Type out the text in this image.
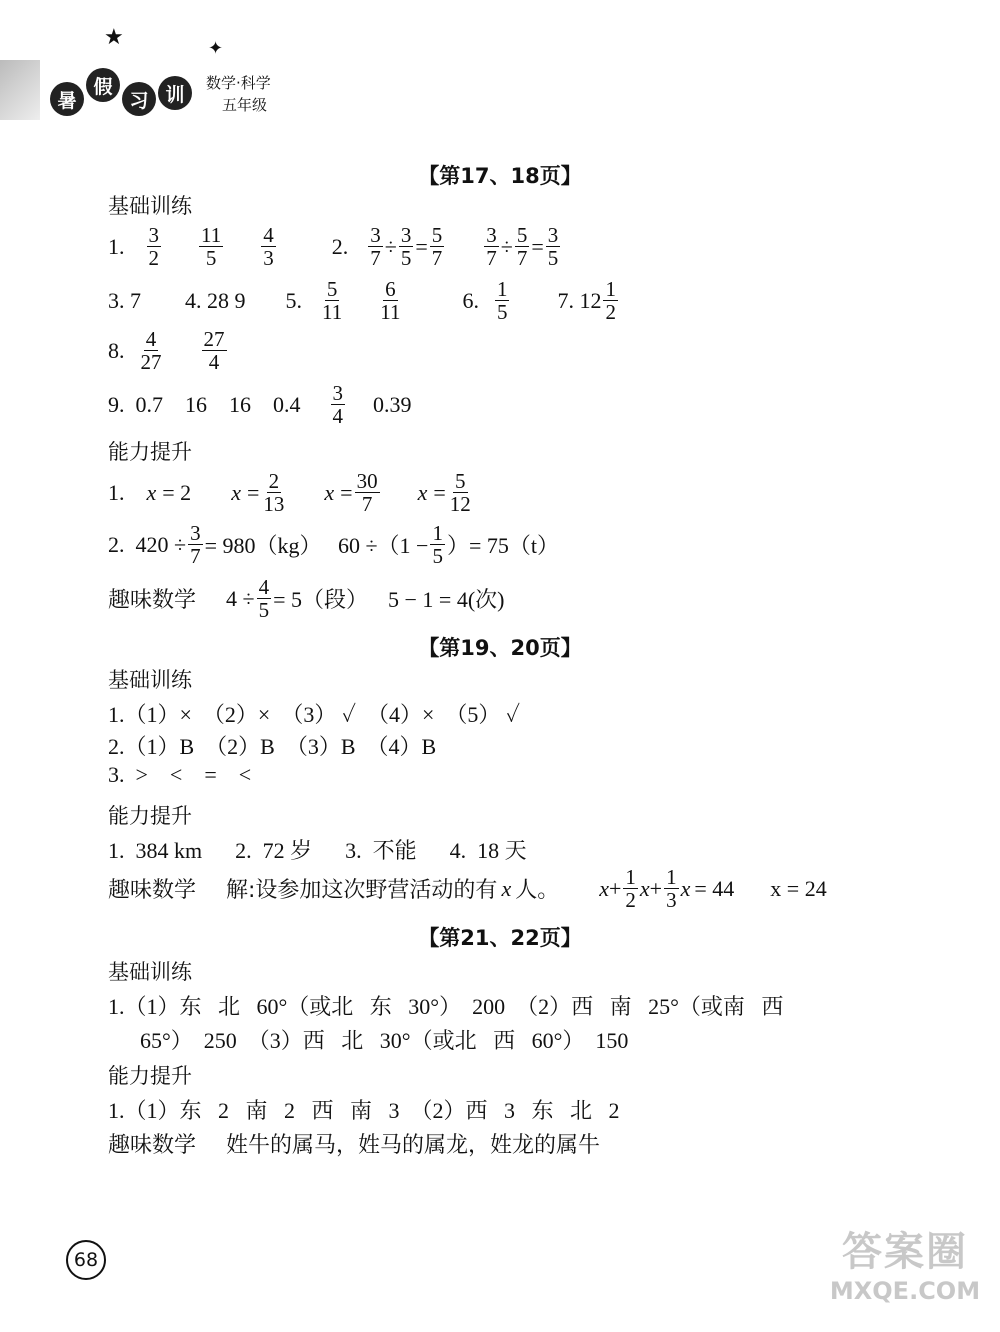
★	✦
暑
假
习 训
数学·科学
五年级
【第17、18页】
基础训练
1. $\frac{3}{2} \frac{11}{5} \frac{4}{3}$	2. $\frac{3}{7} \div \frac{3}{5} = \frac{5}{7} \frac{3}{7} \div \frac{5}{7} = \frac{3}{5}$
3. 7 4. 28 9 5. $\frac{5}{11} \frac{6}{11}$	6. $\frac{1}{5} 7$. $12 \frac{1}{2}$
8. $\frac{4}{27} \frac{27}{4}$
9.  0.7    16    16    $0.4 \frac{3}{4} 0.39$
能力提升
1. x = 2 $x = \frac{2}{13}$ $x = \frac{30}{7}$ $x = \frac{5}{12}$
2.  $420 \div \frac{3}{7} = 980(kg)$   $60 \div(1 - \frac{1}{5}$ ）= 75（t）
趣味数学 $4 \div \frac{4}{5} = 5$（段） 5 − 1 = 4(次)
【第19、20页】
基础训练
1.（1）×  （2）×  （3） ✓  （4）×  （5） ✓
2.（1）B  （2）B  （3）B  （4）B
3.  >    <    =    <
能力提升
1.  384 km      2.  72 岁      3.  不能      4.  18 天
趣味数学 解:设参加这次野营活动的有 x 人。 $x + \frac{1}{2}$ $x + \frac{1}{3}$ x = 44 x = 24
【第21、22页】
基础训练
1.（1）东   北   60°（或北   东   30°）  200  （2）西   南   25°（或南   西
65°）  250  （3）西   北   30°（或北   西   60°）  150
能力提升
1.（1）东   2   南   2   西   南   3  （2）西   3   东   北   2
趣味数学 姓牛的属马，姓马的属龙，姓龙的属牛
68	答案圈
MXQE.COM
